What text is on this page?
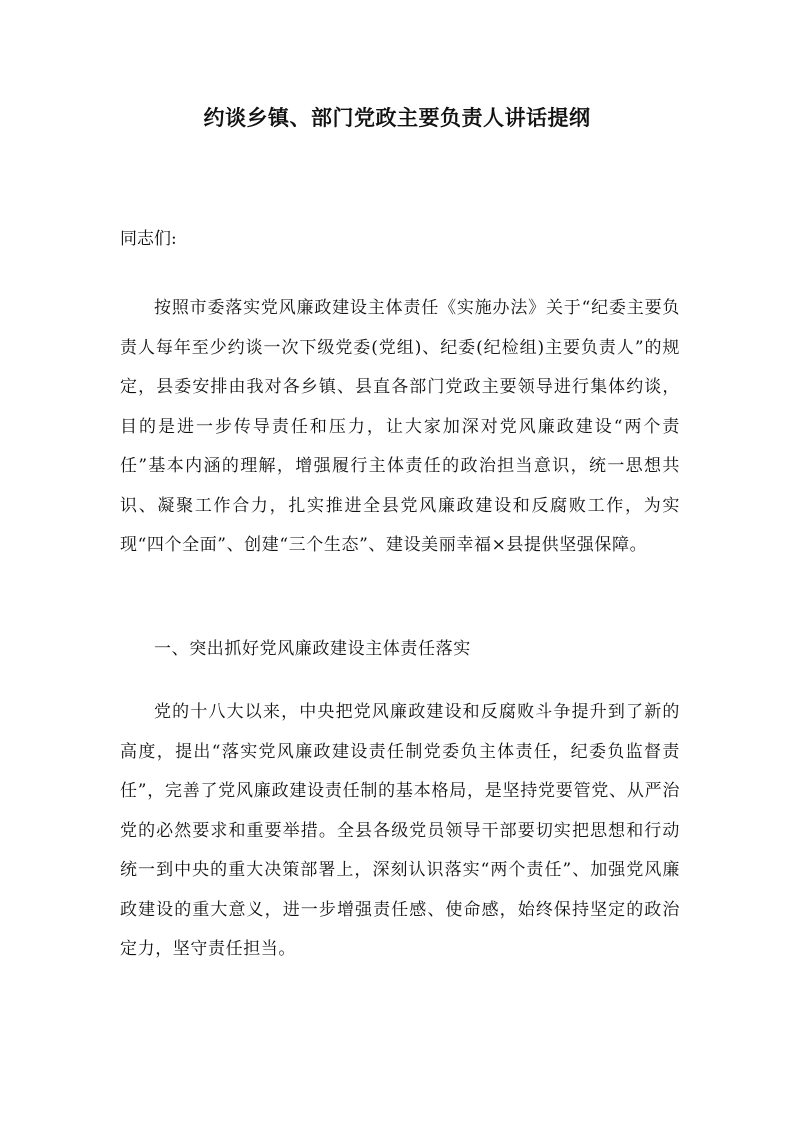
约谈乡镇、部门党政主要负责人讲话提纲
同志们:
按照市委落实党风廉政建设主体责任《实施办法》关于“纪委主要负责人每年至少约谈一次下级党委(党组)、纪委(纪检组)主要负责人”的规定，县委安排由我对各乡镇、县直各部门党政主要领导进行集体约谈，目的是进一步传导责任和压力，让大家加深对党风廉政建设“两个责任”基本内涵的理解，增强履行主体责任的政治担当意识，统一思想共识、凝聚工作合力，扎实推进全县党风廉政建设和反腐败工作，为实现“四个全面”、创建“三个生态”、建设美丽幸福×县提供坚强保障。
一、突出抓好党风廉政建设主体责任落实
党的十八大以来，中央把党风廉政建设和反腐败斗争提升到了新的高度，提出“落实党风廉政建设责任制党委负主体责任，纪委负监督责任”，完善了党风廉政建设责任制的基本格局，是坚持党要管党、从严治党的必然要求和重要举措。全县各级党员领导干部要切实把思想和行动统一到中央的重大决策部署上，深刻认识落实“两个责任”、加强党风廉政建设的重大意义，进一步增强责任感、使命感，始终保持坚定的政治定力，坚守责任担当。
